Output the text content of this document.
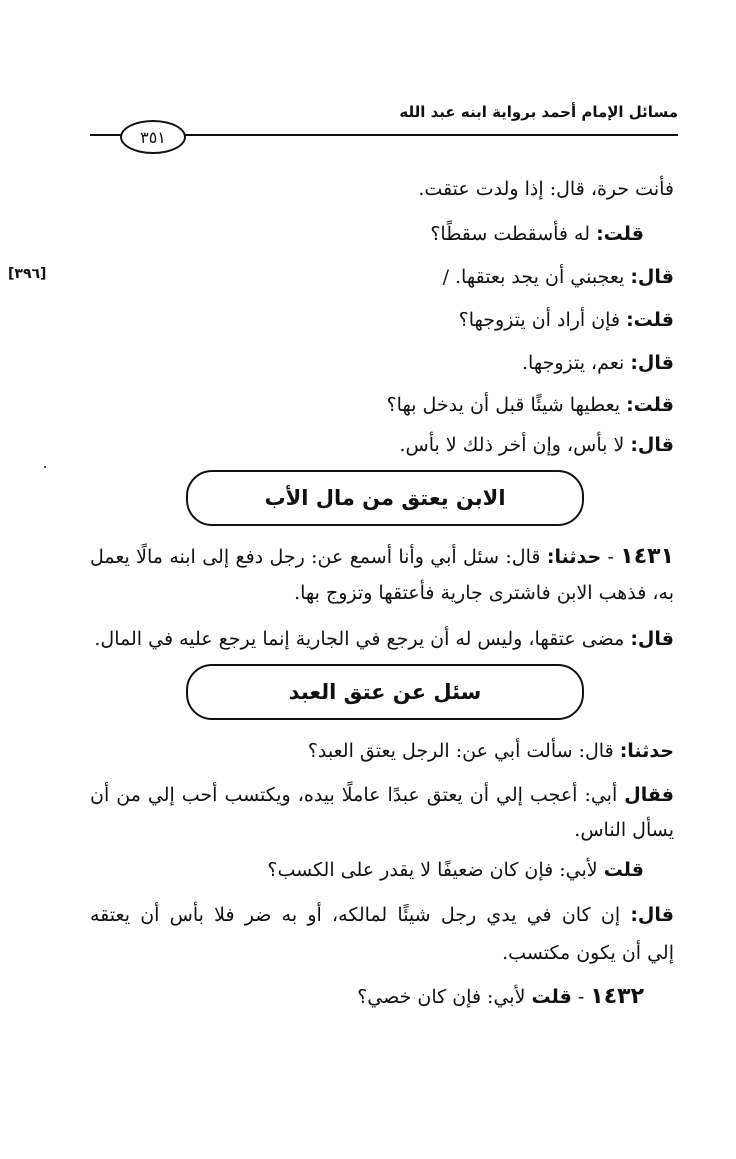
مسائل الإمام أحمد برواية ابنه عبد الله
٣٥١
[٣٩٦]
فأنت حرة، قال: إذا ولدت عتقت.
قلت: له فأسقطت سقطًا؟
قال: يعجبني أن يجد بعتقها. /
قلت: فإن أراد أن يتزوجها؟
قال: نعم، يتزوجها.
قلت: يعطيها شيئًا قبل أن يدخل بها؟
قال: لا بأس، وإن أخر ذلك لا بأس.
الابن يعتق من مال الأب
١٤٣١ - حدثنا: قال: سئل أبي وأنا أسمع عن: رجل دفع إلى ابنه مالًا يعمل
به، فذهب الابن فاشترى جارية فأعتقها وتزوج بها.
قال: مضى عتقها، وليس له أن يرجع في الجارية إنما يرجع عليه في المال.
سئل عن عتق العبد
حدثنا: قال: سألت أبي عن: الرجل يعتق العبد؟
فقال أبي: أعجب إلي أن يعتق عبدًا عاملًا بيده، ويكتسب أحب إلي من أن
يسأل الناس.
قلت لأبي: فإن كان ضعيفًا لا يقدر على الكسب؟
قال: إن كان في يدي رجل شيئًا لمالكه، أو به ضر فلا بأس أن يعتقه
إلي أن يكون مكتسب.
١٤٣٢ - قلت لأبي: فإن كان خصي؟
